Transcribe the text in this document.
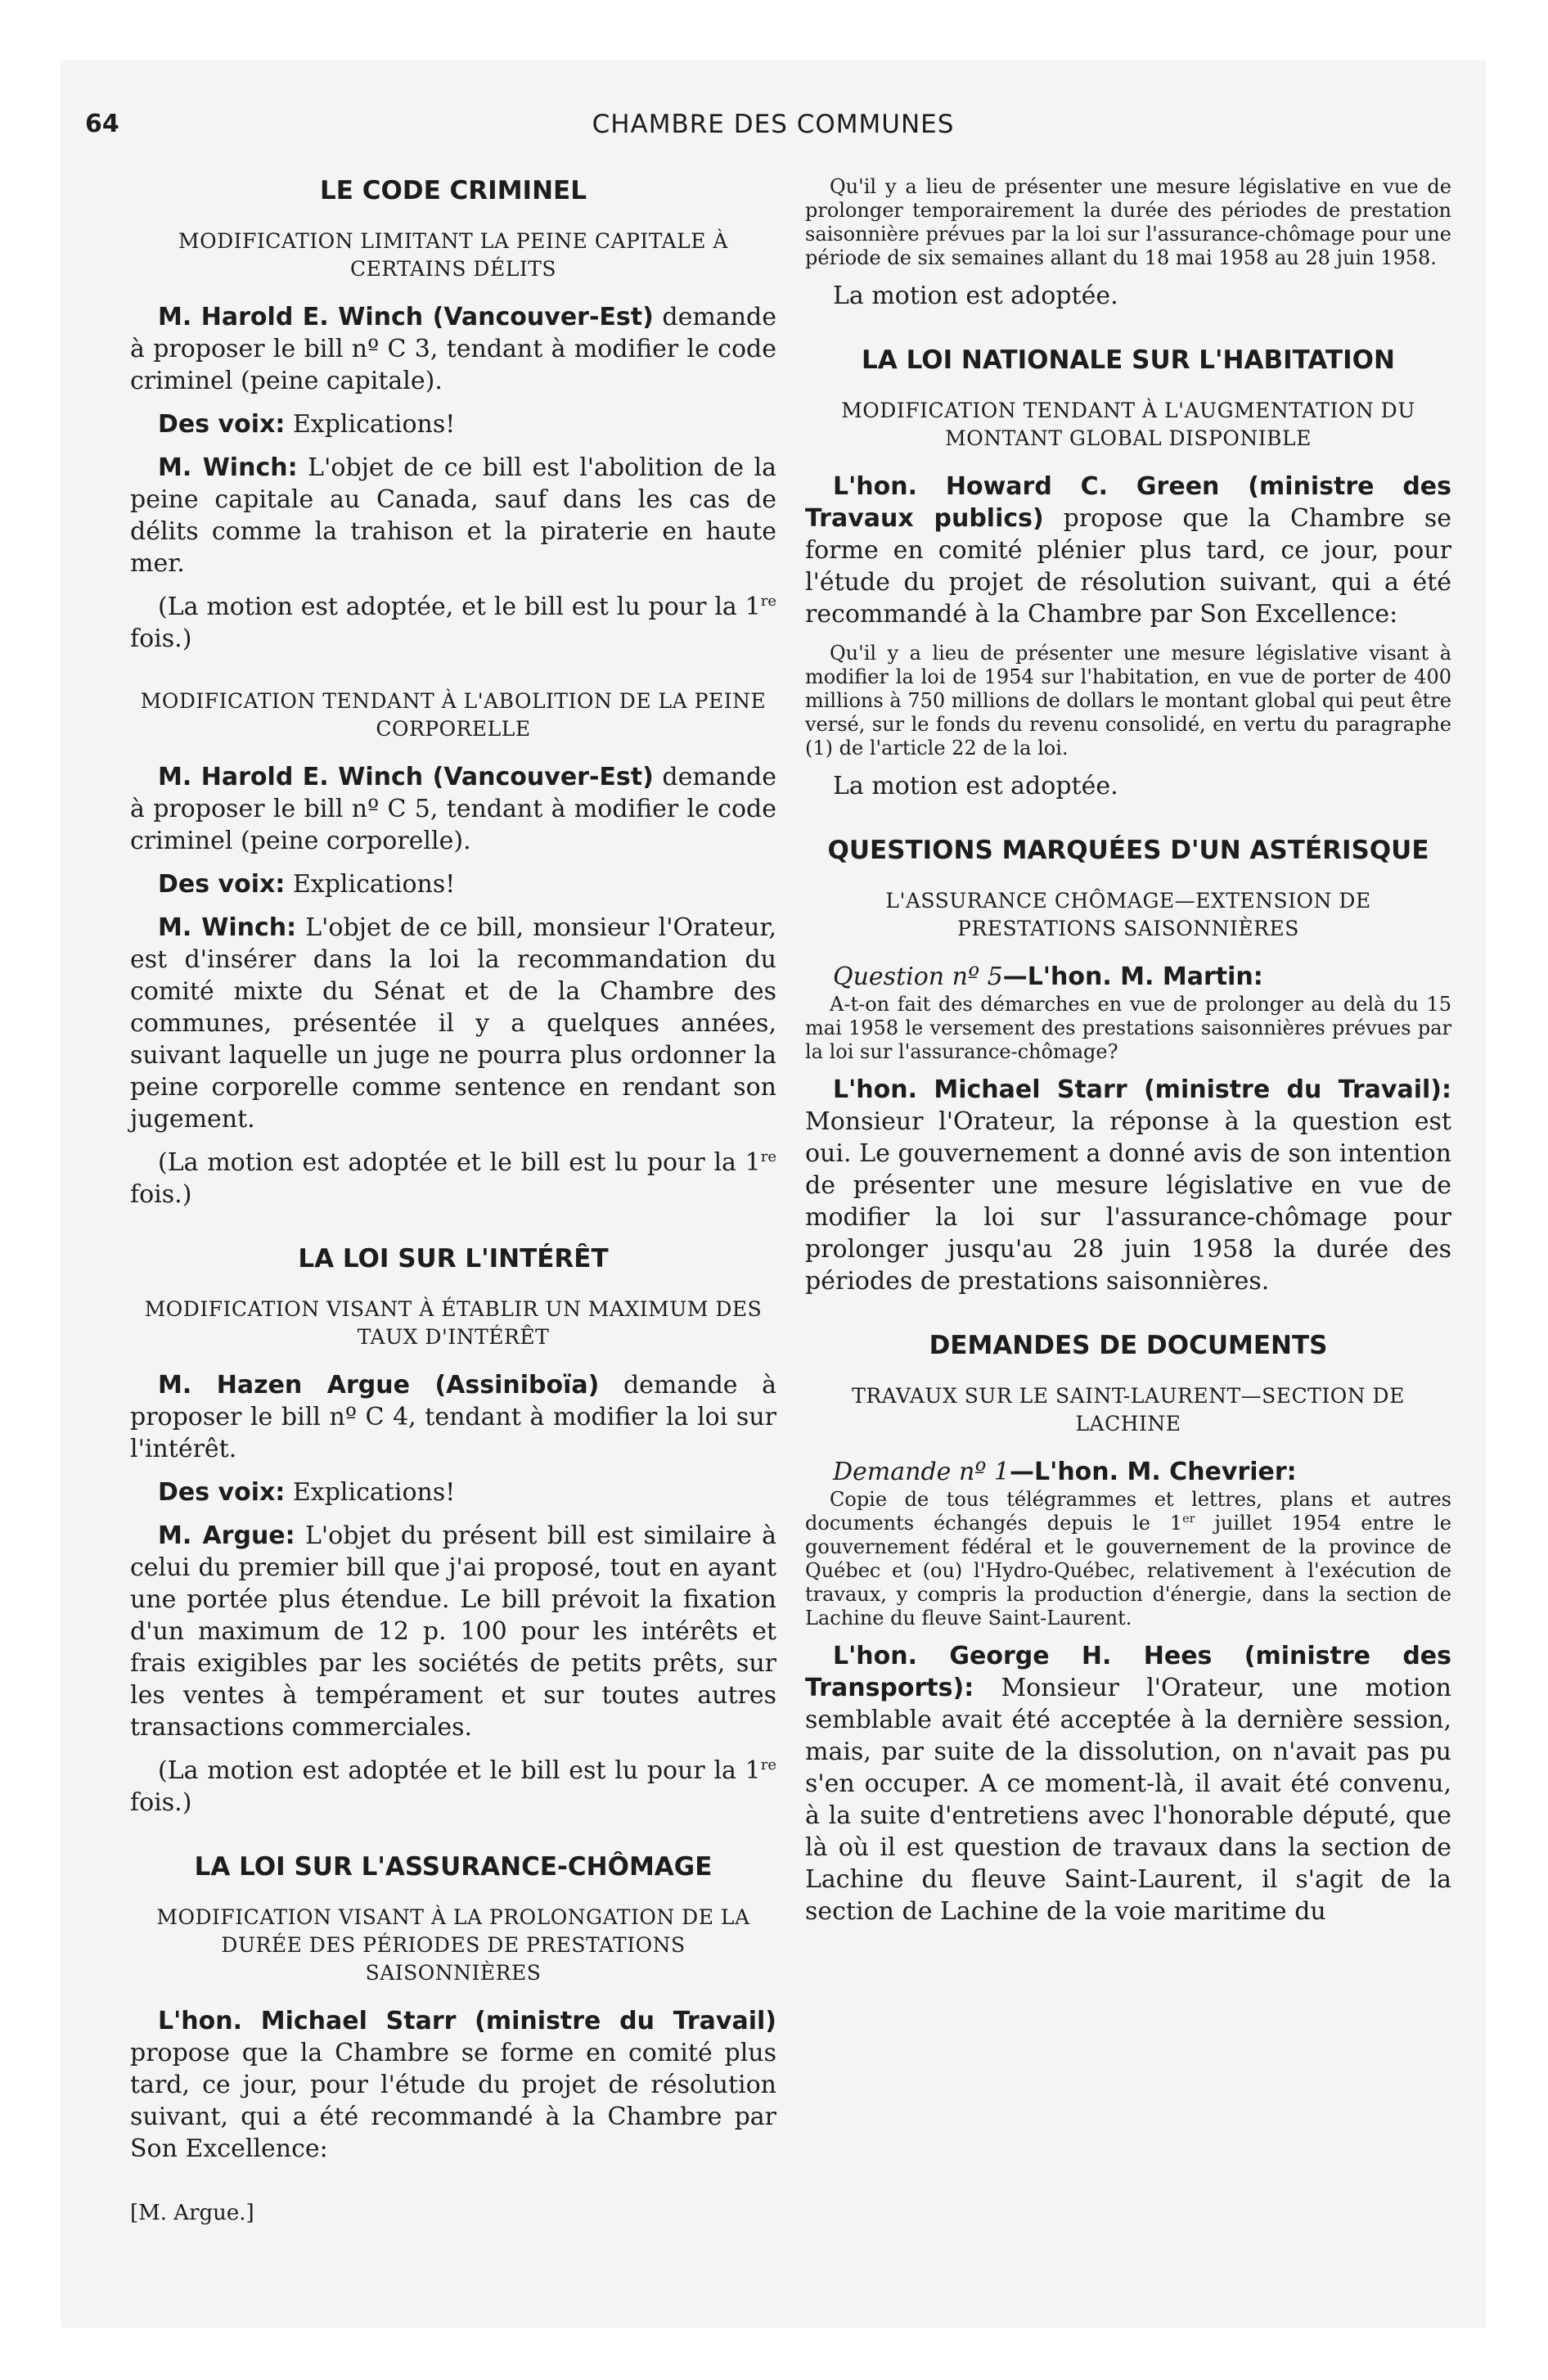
64	CHAMBRE DES COMMUNES
LE CODE CRIMINEL
MODIFICATION LIMITANT LA PEINE CAPITALE À CERTAINS DÉLITS

M. Harold E. Winch (Vancouver-Est) demande à proposer le bill nº C 3, tendant à modifier le code criminel (peine capitale).

Des voix: Explications!

M. Winch: L'objet de ce bill est l'abolition de la peine capitale au Canada, sauf dans les cas de délits comme la trahison et la piraterie en haute mer.

(La motion est adoptée, et le bill est lu pour la 1re fois.)

MODIFICATION TENDANT À L'ABOLITION DE LA PEINE CORPORELLE

M. Harold E. Winch (Vancouver-Est) demande à proposer le bill nº C 5, tendant à modifier le code criminel (peine corporelle).

Des voix: Explications!

M. Winch: L'objet de ce bill, monsieur l'Orateur, est d'insérer dans la loi la recommandation du comité mixte du Sénat et de la Chambre des communes, présentée il y a quelques années, suivant laquelle un juge ne pourra plus ordonner la peine corporelle comme sentence en rendant son jugement.

(La motion est adoptée et le bill est lu pour la 1re fois.)

LA LOI SUR L'INTÉRÊT
MODIFICATION VISANT À ÉTABLIR UN MAXIMUM DES TAUX D'INTÉRÊT

M. Hazen Argue (Assiniboïa) demande à proposer le bill nº C 4, tendant à modifier la loi sur l'intérêt.

Des voix: Explications!

M. Argue: L'objet du présent bill est similaire à celui du premier bill que j'ai proposé, tout en ayant une portée plus étendue. Le bill prévoit la fixation d'un maximum de 12 p. 100 pour les intérêts et frais exigibles par les sociétés de petits prêts, sur les ventes à tempérament et sur toutes autres transactions commerciales.

(La motion est adoptée et le bill est lu pour la 1re fois.)

LA LOI SUR L'ASSURANCE-CHÔMAGE
MODIFICATION VISANT À LA PROLONGATION DE LA DURÉE DES PÉRIODES DE PRESTATIONS SAISONNIÈRES

L'hon. Michael Starr (ministre du Travail) propose que la Chambre se forme en comité plus tard, ce jour, pour l'étude du projet de résolution suivant, qui a été recommandé à la Chambre par Son Excellence:

[M. Argue.]

Qu'il y a lieu de présenter une mesure législative en vue de prolonger temporairement la durée des périodes de prestation saisonnière prévues par la loi sur l'assurance-chômage pour une période de six semaines allant du 18 mai 1958 au 28 juin 1958.

La motion est adoptée.

LA LOI NATIONALE SUR L'HABITATION
MODIFICATION TENDANT À L'AUGMENTATION DU MONTANT GLOBAL DISPONIBLE

L'hon. Howard C. Green (ministre des Travaux publics) propose que la Chambre se forme en comité plénier plus tard, ce jour, pour l'étude du projet de résolution suivant, qui a été recommandé à la Chambre par Son Excellence:

Qu'il y a lieu de présenter une mesure législative visant à modifier la loi de 1954 sur l'habitation, en vue de porter de 400 millions à 750 millions de dollars le montant global qui peut être versé, sur le fonds du revenu consolidé, en vertu du paragraphe (1) de l'article 22 de la loi.

La motion est adoptée.

QUESTIONS MARQUÉES D'UN ASTÉRISQUE
L'ASSURANCE CHÔMAGE—EXTENSION DE PRESTATIONS SAISONNIÈRES

Question nº 5—L'hon. M. Martin:

A-t-on fait des démarches en vue de prolonger au delà du 15 mai 1958 le versement des prestations saisonnières prévues par la loi sur l'assurance-chômage?

L'hon. Michael Starr (ministre du Travail): Monsieur l'Orateur, la réponse à la question est oui. Le gouvernement a donné avis de son intention de présenter une mesure législative en vue de modifier la loi sur l'assurance-chômage pour prolonger jusqu'au 28 juin 1958 la durée des périodes de prestations saisonnières.

DEMANDES DE DOCUMENTS
TRAVAUX SUR LE SAINT-LAURENT—SECTION DE LACHINE

Demande nº 1—L'hon. M. Chevrier:

Copie de tous télégrammes et lettres, plans et autres documents échangés depuis le 1er juillet 1954 entre le gouvernement fédéral et le gouvernement de la province de Québec et (ou) l'Hydro-Québec, relativement à l'exécution de travaux, y compris la production d'énergie, dans la section de Lachine du fleuve Saint-Laurent.

L'hon. George H. Hees (ministre des Transports): Monsieur l'Orateur, une motion semblable avait été acceptée à la dernière session, mais, par suite de la dissolution, on n'avait pas pu s'en occuper. A ce moment-là, il avait été convenu, à la suite d'entretiens avec l'honorable député, que là où il est question de travaux dans la section de Lachine du fleuve Saint-Laurent, il s'agit de la section de Lachine de la voie maritime du
